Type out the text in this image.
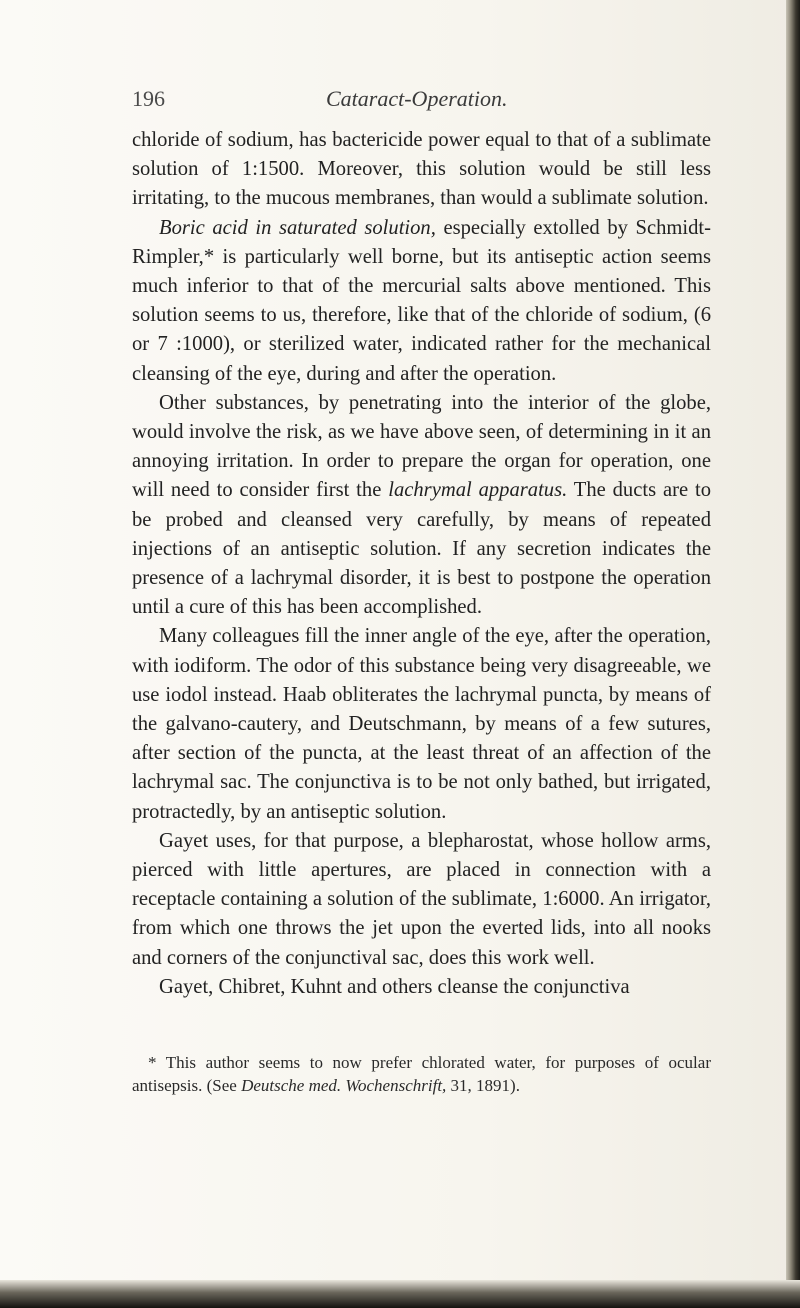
196	Cataract-Operation.

chloride of sodium, has bactericide power equal to that of a sublimate solution of 1:1500. Moreover, this solution would be still less irritating, to the mucous membranes, than would a sublimate solution.

Boric acid in saturated solution, especially extolled by Schmidt-Rimpler,* is particularly well borne, but its antiseptic action seems much inferior to that of the mercurial salts above mentioned. This solution seems to us, therefore, like that of the chloride of sodium, (6 or 7 :1000), or sterilized water, indicated rather for the mechanical cleansing of the eye, during and after the operation.

Other substances, by penetrating into the interior of the globe, would involve the risk, as we have above seen, of determining in it an annoying irritation. In order to prepare the organ for operation, one will need to consider first the lachrymal apparatus. The ducts are to be probed and cleansed very carefully, by means of repeated injections of an antiseptic solution. If any secretion indicates the presence of a lachrymal disorder, it is best to postpone the operation until a cure of this has been accomplished.

Many colleagues fill the inner angle of the eye, after the operation, with iodiform. The odor of this substance being very disagreeable, we use iodol instead. Haab obliterates the lachrymal puncta, by means of the galvano-cautery, and Deutschmann, by means of a few sutures, after section of the puncta, at the least threat of an affection of the lachrymal sac. The conjunctiva is to be not only bathed, but irrigated, protractedly, by an antiseptic solution.

Gayet uses, for that purpose, a blepharostat, whose hollow arms, pierced with little apertures, are placed in connection with a receptacle containing a solution of the sublimate, 1:6000. An irrigator, from which one throws the jet upon the everted lids, into all nooks and corners of the conjunctival sac, does this work well.

Gayet, Chibret, Kuhnt and others cleanse the conjunctiva

* This author seems to now prefer chlorated water, for purposes of ocular antisepsis. (See Deutsche med. Wochenschrift, 31, 1891).
